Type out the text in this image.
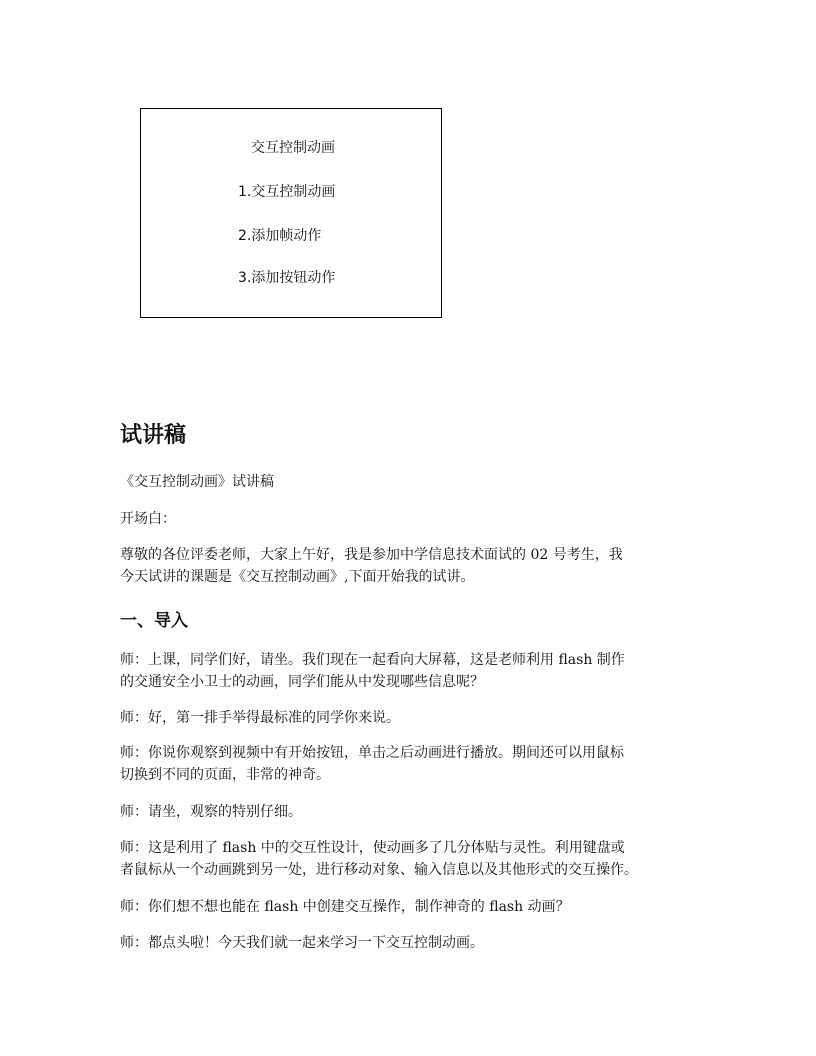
交互控制动画
1.交互控制动画
2.添加帧动作
3.添加按钮动作
试讲稿
《交互控制动画》试讲稿
开场白：
尊敬的各位评委老师，大家上午好，我是参加中学信息技术面试的 02 号考生，我
今天试讲的课题是《交互控制动画》,下面开始我的试讲。
一、导入
师：上课，同学们好，请坐。我们现在一起看向大屏幕，这是老师利用 flash 制作
的交通安全小卫士的动画，同学们能从中发现哪些信息呢？
师：好，第一排手举得最标准的同学你来说。
师：你说你观察到视频中有开始按钮，单击之后动画进行播放。期间还可以用鼠标
切换到不同的页面，非常的神奇。
师：请坐，观察的特别仔细。
师：这是利用了 flash 中的交互性设计，使动画多了几分体贴与灵性。利用键盘或
者鼠标从一个动画跳到另一处，进行移动对象、输入信息以及其他形式的交互操作。
师：你们想不想也能在 flash 中创建交互操作，制作神奇的 flash 动画？
师：都点头啦！今天我们就一起来学习一下交互控制动画。
